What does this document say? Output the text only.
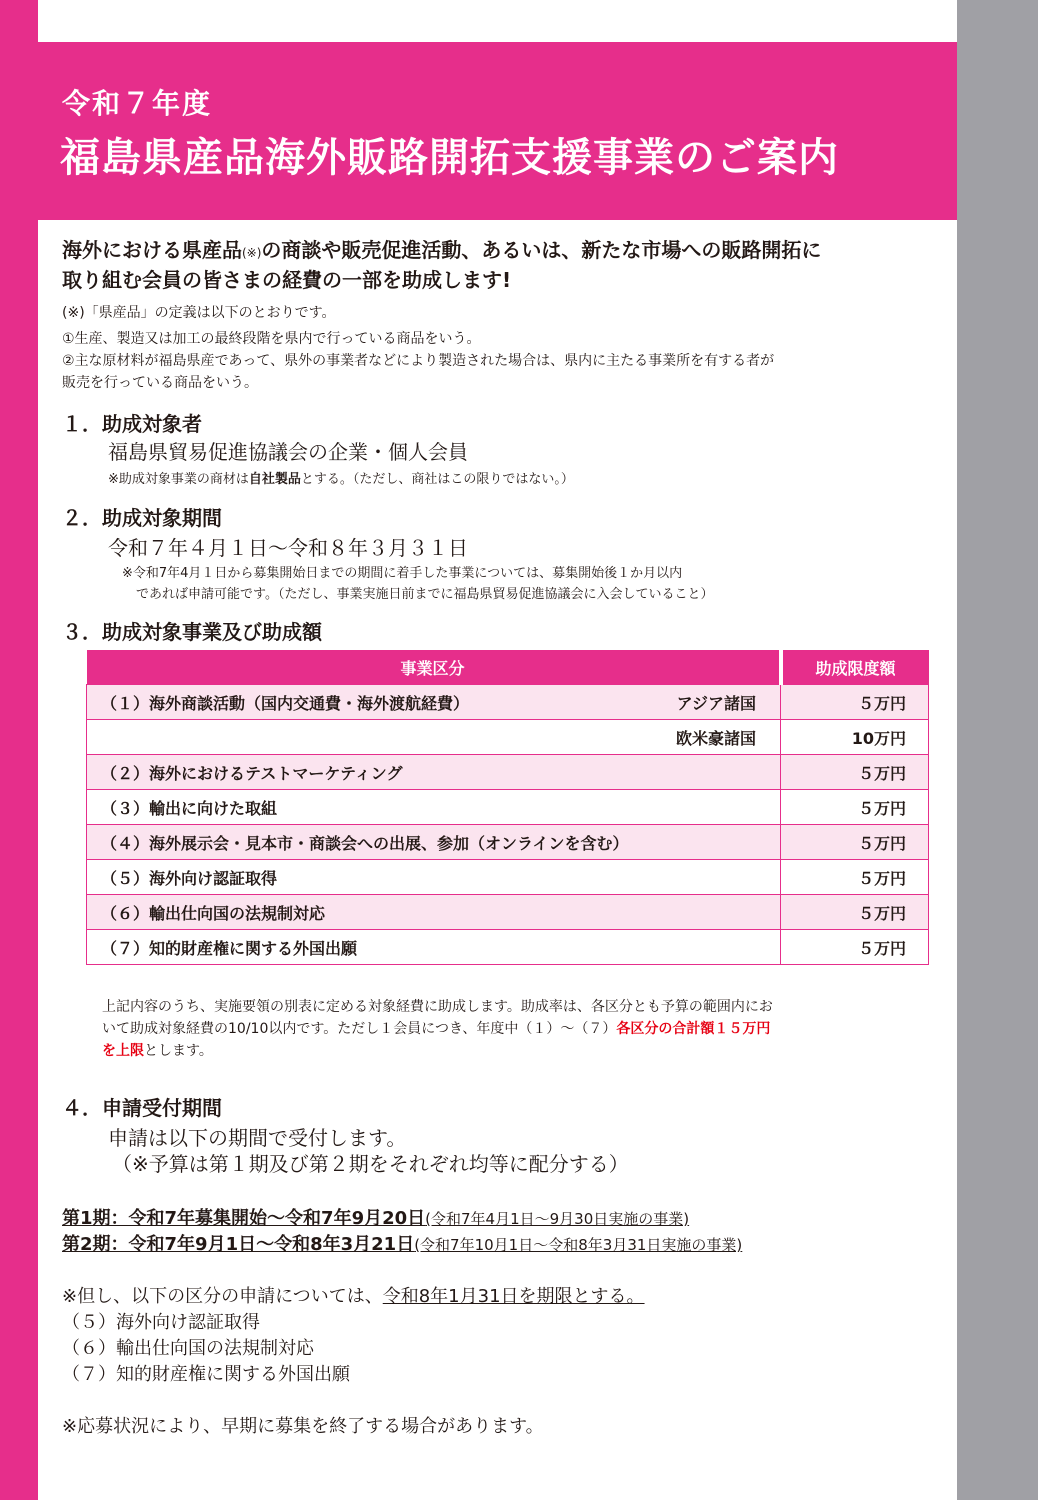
令和７年度
福島県産品海外販路開拓支援事業のご案内
海外における県産品(※)の商談や販売促進活動、あるいは、新たな市場への販路開拓に
取り組む会員の皆さまの経費の一部を助成します!
(※)「県産品」の定義は以下のとおりです。
①生産、製造又は加工の最終段階を県内で行っている商品をいう。
②主な原材料が福島県産であって、県外の事業者などにより製造された場合は、県内に主たる事業所を有する者が
販売を行っている商品をいう。
１．助成対象者
福島県貿易促進協議会の企業・個人会員
※助成対象事業の商材は自社製品とする。（ただし、商社はこの限りではない。）
２．助成対象期間
令和７年４月１日～令和８年３月３１日
※令和7年4月１日から募集開始日までの期間に着手した事業については、募集開始後１か月以内
であれば申請可能です。（ただし、事業実施日前までに福島県貿易促進協議会に入会していること）
３．助成対象事業及び助成額
事業区分	助成限度額

（１）海外商談活動（国内交通費・海外渡航経費） アジア諸国	５万円

欧米豪諸国	10万円
（２）海外におけるテストマーケティング	５万円
（３）輸出に向けた取組	５万円
（４）海外展示会・見本市・商談会への出展、参加（オンラインを含む）	５万円
（５）海外向け認証取得	５万円
（６）輸出仕向国の法規制対応	５万円
（７）知的財産権に関する外国出願	５万円
上記内容のうち、実施要領の別表に定める対象経費に助成します。助成率は、各区分とも予算の範囲内にお
いて助成対象経費の10/10以内です。ただし１会員につき、年度中（１）～（７）各区分の合計額１５万円
を上限とします。
４．申請受付期間
申請は以下の期間で受付します。
（※予算は第１期及び第２期をそれぞれ均等に配分する）
第1期：令和7年募集開始～令和7年9月20日(令和7年4月1日～9月30日実施の事業)
第2期：令和7年9月1日～令和8年3月21日(令和7年10月1日～令和8年3月31日実施の事業)
※但し、以下の区分の申請については、令和8年1月31日を期限とする。
（５）海外向け認証取得
（６）輸出仕向国の法規制対応
（７）知的財産権に関する外国出願
※応募状況により、早期に募集を終了する場合があります。
